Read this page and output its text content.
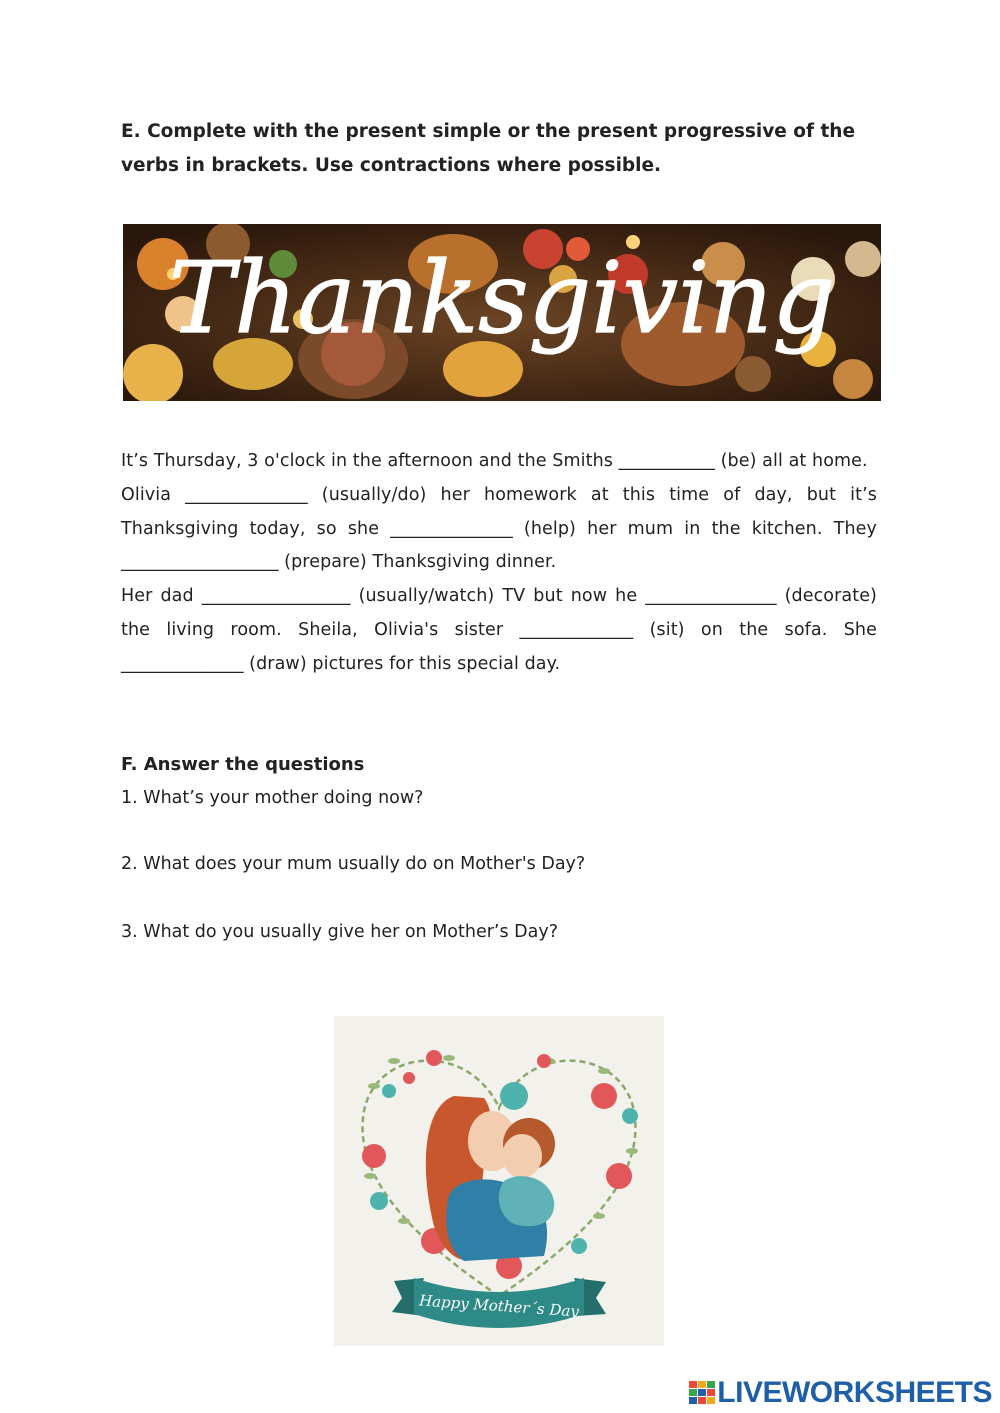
E. Complete with the present simple or the present progressive of the
verbs in brackets. Use contractions where possible.
Thanksgiving

It’s Thursday, 3 o'clock in the afternoon and the Smiths ___________ (be) all at home.

Olivia ______________ (usually/do) her homework at this time of day, but it’s Thanksgiving today, so she ______________ (help) her mum in the kitchen. They __________________ (prepare) Thanksgiving dinner.

Her dad _________________ (usually/watch) TV but now he _______________ (decorate) the living room. Sheila, Olivia's sister _____________ (sit) on the sofa. She ______________ (draw) pictures for this special day.

F. Answer the questions

1. What’s your mother doing now?

2. What does your mum usually do on Mother's Day?

3. What do you usually give her on Mother’s Day?

Happy Mother´s Day
LIVEWORKSHEETS
